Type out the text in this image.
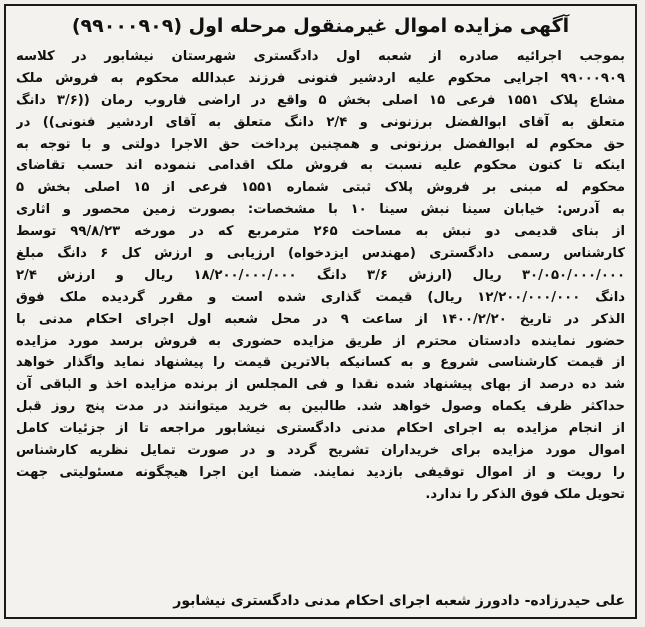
آگهی مزایده اموال غیرمنقول مرحله اول (۹۹۰۰۰۹۰۹)
بموجب اجرائیه صادره از شعبه اول دادگستری شهرستان نیشابور در کلاسه
۹۹۰۰۰۹۰۹ اجرایی محکوم علیه اردشیر فنونی فرزند عبدالله محکوم به فروش ملک
مشاع پلاک ۱۵۵۱ فرعی ۱۵ اصلی بخش ۵ واقع در اراضی فاروب رمان ((۳/۶ دانگ
متعلق به آقای ابوالفضل برزنونی و ۲/۴ دانگ متعلق به آقای اردشیر فنونی)) در
حق محکوم له ابوالفضل برزنونی و همچنین پرداخت حق الاجرا دولتی و با توجه به
اینکه تا کنون محکوم علیه نسبت به فروش ملک اقدامی ننموده اند حسب تقاضای
محکوم له مبنی بر فروش پلاک ثبتی شماره ۱۵۵۱ فرعی از ۱۵ اصلی بخش ۵
به آدرس: خیابان سینا نبش سینا ۱۰ با مشخصات: بصورت زمین محصور و اثاری
از بنای قدیمی دو نبش به مساحت ۲۶۵ مترمربع که در مورخه ۹۹/۸/۲۳ توسط
کارشناس رسمی دادگستری (مهندس ایزدخواه) ارزیابی و ارزش کل ۶ دانگ مبلغ
۳۰/۰۵۰/۰۰۰/۰۰۰ ریال (ارزش ۳/۶ دانگ ۱۸/۲۰۰/۰۰۰/۰۰۰ ریال و ارزش ۲/۴
دانگ ۱۲/۲۰۰/۰۰۰/۰۰۰ ریال) قیمت گذاری شده است و مقرر گردیده ملک فوق
الذکر در تاریخ ۱۴۰۰/۲/۲۰ از ساعت ۹ در محل شعبه اول اجرای احکام مدنی با
حضور نماینده دادستان محترم از طریق مزایده حضوری به فروش برسد مورد مزایده
از قیمت کارشناسی شروع و به کسانیکه بالاترین قیمت را پیشنهاد نماید واگذار خواهد
شد ده درصد از بهای پیشنهاد شده نقدا و فی المجلس از برنده مزایده اخذ و الباقی آن
حداکثر ظرف یکماه وصول خواهد شد. طالبین به خرید میتوانند در مدت پنج روز قبل
از انجام مزایده به اجرای احکام مدنی دادگستری نیشابور مراجعه تا از جزئیات کامل
اموال مورد مزایده برای خریداران تشریح گردد و در صورت تمایل نظریه کارشناس
را رویت و از اموال توقیفی بازدید نمایند. ضمنا این اجرا هیچگونه مسئولیتی جهت
تحویل ملک فوق الذکر را ندارد.
علی حیدرزاده- دادورز شعبه اجرای احکام مدنی دادگستری نیشابور
